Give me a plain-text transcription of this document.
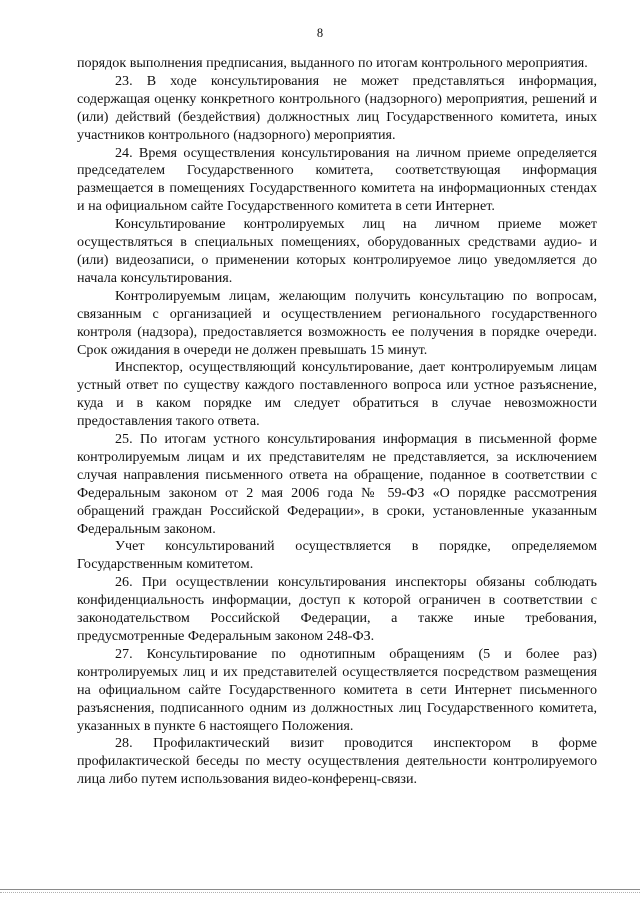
8

порядок выполнения предписания, выданного по итогам контрольного мероприятия.

23. В ходе консультирования не может представляться информация, содержащая оценку конкретного контрольного (надзорного) мероприятия, решений и (или) действий (бездействия) должностных лиц Государственного комитета, иных участников контрольного (надзорного) мероприятия.

24. Время осуществления консультирования на личном приеме определяется председателем Государственного комитета, соответствующая информация размещается в помещениях Государственного комитета на информационных стендах и на официальном сайте Государственного комитета в сети Интернет.

Консультирование контролируемых лиц на личном приеме может осуществляться в специальных помещениях, оборудованных средствами аудио- и (или) видеозаписи, о применении которых контролируемое лицо уведомляется до начала консультирования.

Контролируемым лицам, желающим получить консультацию по вопросам, связанным с организацией и осуществлением регионального государственного контроля (надзора), предоставляется возможность ее получения в порядке очереди. Срок ожидания в очереди не должен превышать 15 минут.

Инспектор, осуществляющий консультирование, дает контролируемым лицам устный ответ по существу каждого поставленного вопроса или устное разъяснение, куда и в каком порядке им следует обратиться в случае невозможности предоставления такого ответа.

25. По итогам устного консультирования информация в письменной форме контролируемым лицам и их представителям не представляется, за исключением случая направления письменного ответа на обращение, поданное в соответствии с Федеральным законом от 2 мая 2006 года № 59-ФЗ «О порядке рассмотрения обращений граждан Российской Федерации», в сроки, установленные указанным Федеральным законом.

Учет консультирований осуществляется в порядке, определяемом Государственным комитетом.

26. При осуществлении консультирования инспекторы обязаны соблюдать конфиденциальность информации, доступ к которой ограничен в соответствии с законодательством Российской Федерации, а также иные требования, предусмотренные Федеральным законом 248-ФЗ.

27. Консультирование по однотипным обращениям (5 и более раз) контролируемых лиц и их представителей осуществляется посредством размещения на официальном сайте Государственного комитета в сети Интернет письменного разъяснения, подписанного одним из должностных лиц Государственного комитета, указанных в пункте 6 настоящего Положения.

28. Профилактический визит проводится инспектором в форме профилактической беседы по месту осуществления деятельности контролируемого лица либо путем использования видео-конференц-связи.
